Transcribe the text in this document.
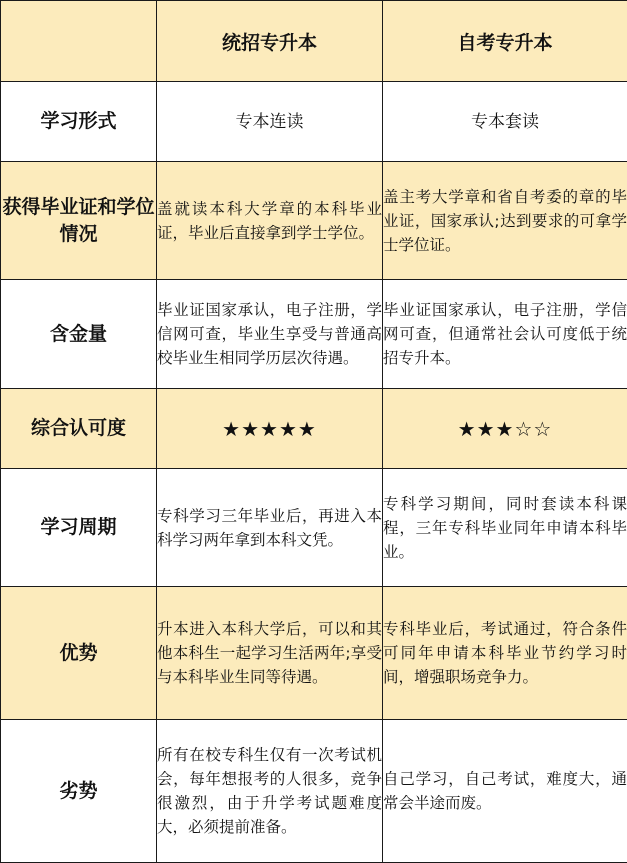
	统招专升本	自考专升本
学习形式	专本连读	专本套读
获得毕业证和学位情况	盖就读本科大学章的本科毕业证，毕业后直接拿到学士学位。	盖主考大学章和省自考委的章的毕业证，国家承认;达到要求的可拿学士学位证。
含金量	毕业证国家承认，电子注册，学信网可查，毕业生享受与普通高校毕业生相同学历层次待遇。	毕业证国家承认，电子注册，学信网可查，但通常社会认可度低于统招专升本。
综合认可度	★★★★★	★★★☆☆
学习周期	专科学习三年毕业后，再进入本科学习两年拿到本科文凭。	专科学习期间，同时套读本科课程，三年专科毕业同年申请本科毕业。
优势	升本进入本科大学后，可以和其他本科生一起学习生活两年;享受与本科毕业生同等待遇。	专科毕业后，考试通过，符合条件可同年申请本科毕业节约学习时间，增强职场竞争力。
劣势	所有在校专科生仅有一次考试机会，每年想报考的人很多，竞争很激烈，由于升学考试题难度大，必须提前准备。	自己学习，自己考试，难度大，通常会半途而废。
